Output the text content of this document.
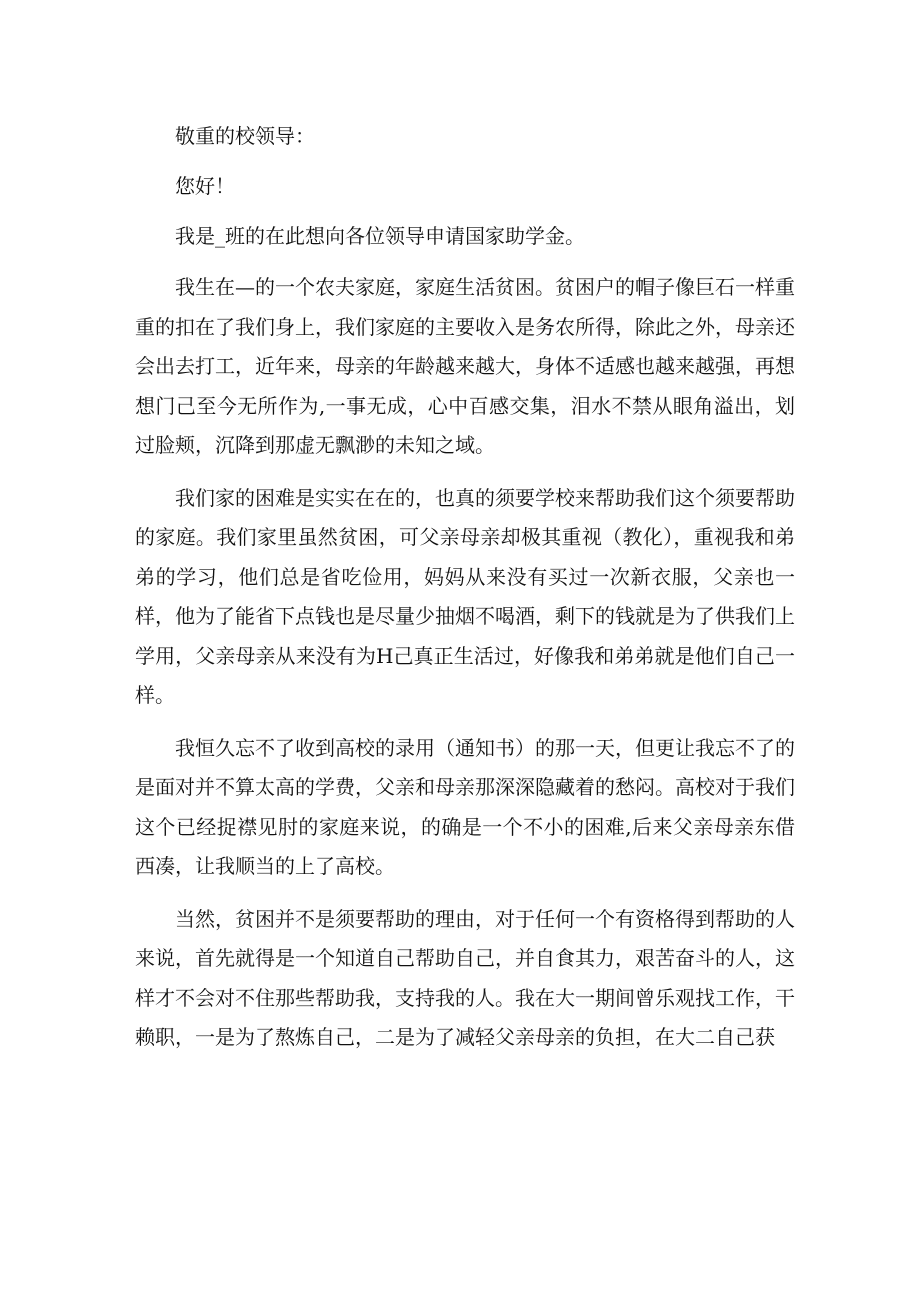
敬重的校领导：

您好！

我是_班的在此想向各位领导申请国家助学金。

我生在—的一个农夫家庭，家庭生活贫困。贫困户的帽子像巨石一样重重的扣在了我们身上，我们家庭的主要收入是务农所得，除此之外，母亲还会出去打工，近年来，母亲的年龄越来越大，身体不适感也越来越强，再想想门己至今无所作为,一事无成，心中百感交集，泪水不禁从眼角溢出，划过脸颊，沉降到那虚无飘渺的未知之域。

我们家的困难是实实在在的，也真的须要学校来帮助我们这个须要帮助的家庭。我们家里虽然贫困，可父亲母亲却极其重视（教化），重视我和弟弟的学习，他们总是省吃俭用，妈妈从来没有买过一次新衣服，父亲也一样，他为了能省下点钱也是尽量少抽烟不喝酒，剩下的钱就是为了供我们上学用，父亲母亲从来没有为H己真正生活过，好像我和弟弟就是他们自己一样。

我恒久忘不了收到高校的录用（通知书）的那一天，但更让我忘不了的是面对并不算太高的学费，父亲和母亲那深深隐藏着的愁闷。高校对于我们这个已经捉襟见肘的家庭来说，的确是一个不小的困难,后来父亲母亲东借西凑，让我顺当的上了高校。

当然，贫困并不是须要帮助的理由，对于任何一个有资格得到帮助的人来说，首先就得是一个知道自己帮助自己，并自食其力，艰苦奋斗的人，这样才不会对不住那些帮助我，支持我的人。我在大一期间曾乐观找工作，干赖职，一是为了熬炼自己，二是为了减轻父亲母亲的负担，在大二自己获
